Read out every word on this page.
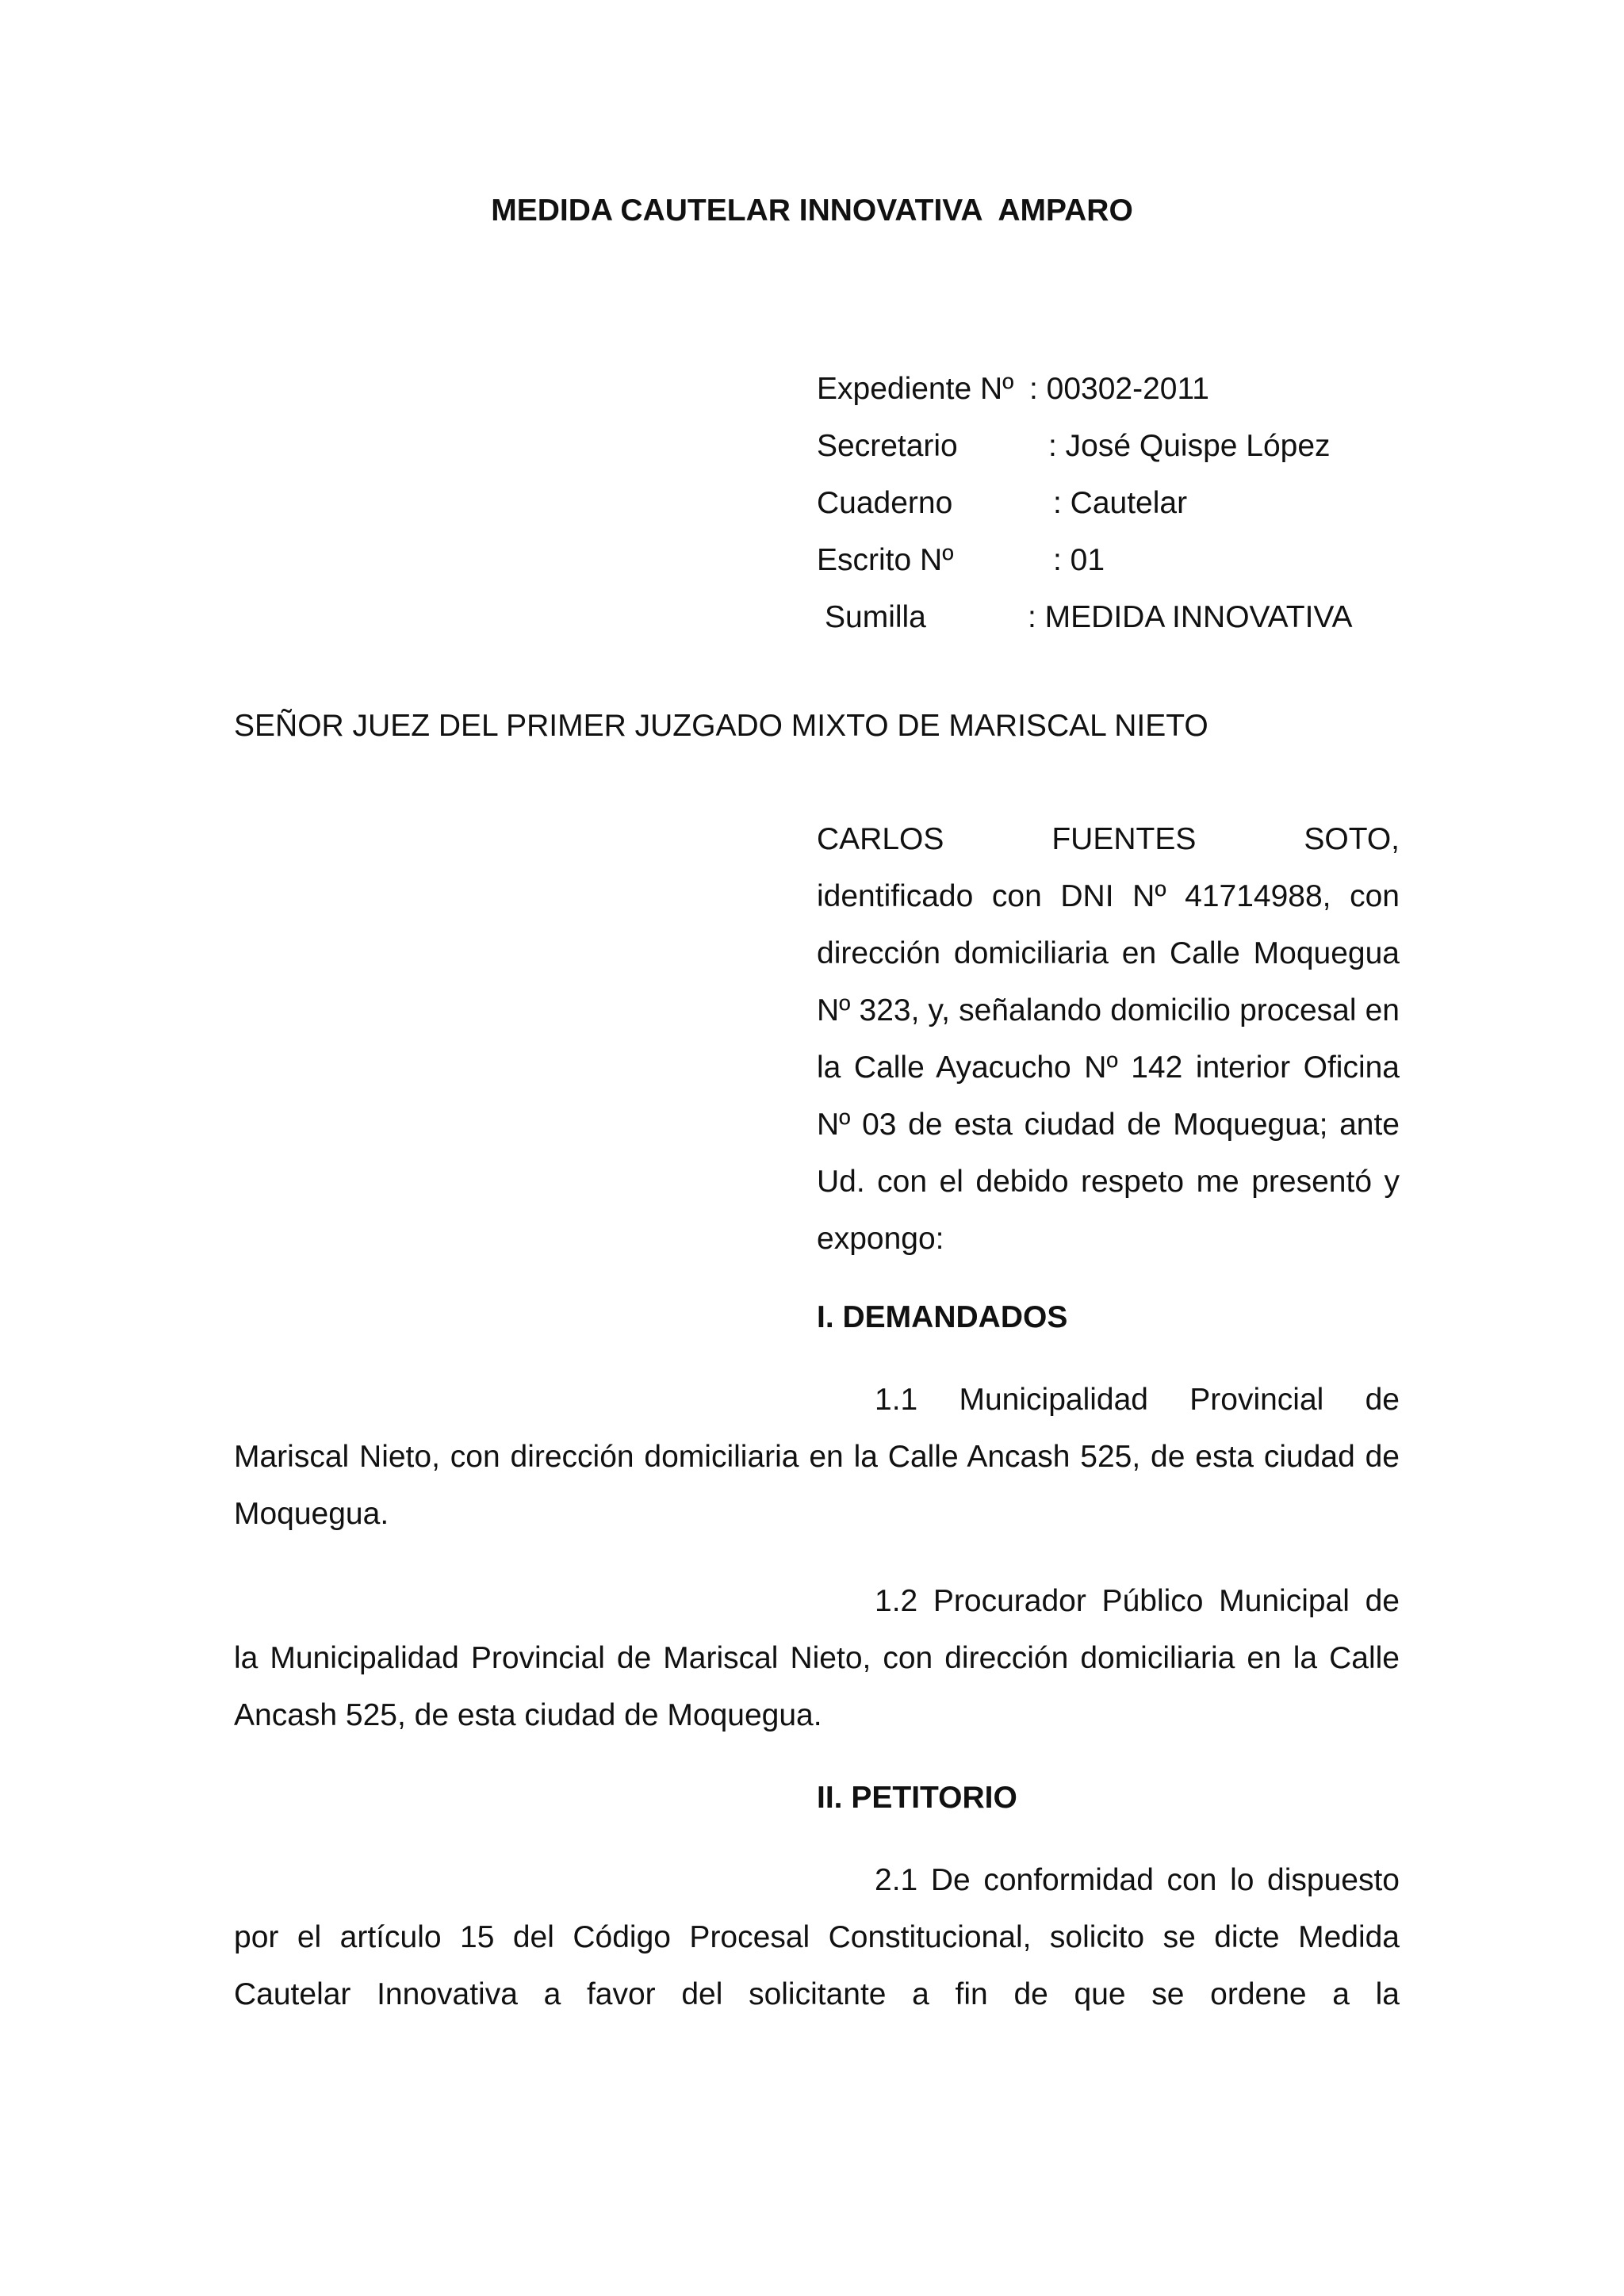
MEDIDA CAUTELAR INNOVATIVA  AMPARO
Expediente Nº : 00302-2011
Secretario	: José Quispe López
Cuaderno	: Cautelar
Escrito Nº	: 01
Sumilla	: MEDIDA INNOVATIVA
SEÑOR JUEZ DEL PRIMER JUZGADO MIXTO DE MARISCAL NIETO
CARLOS FUENTES SOTO,
identificado con DNI Nº 41714988, con dirección domiciliaria en Calle Moquegua Nº 323, y, señalando domicilio procesal en la Calle Ayacucho Nº 142 interior Oficina Nº 03 de esta ciudad de Moquegua; ante Ud. con el debido respeto me presentó y expongo:
I. DEMANDADOS
1.1 Municipalidad Provincial de Mariscal Nieto, con dirección domiciliaria en la Calle Ancash 525, de esta ciudad de Moquegua.
1.2 Procurador Público Municipal de la Municipalidad Provincial de Mariscal Nieto, con dirección domiciliaria en la Calle Ancash 525, de esta ciudad de Moquegua.
II. PETITORIO
2.1 De conformidad con lo dispuesto por el artículo 15 del Código Procesal Constitucional, solicito se dicte Medida Cautelar Innovativa a favor del solicitante a fin de que se ordene a la
